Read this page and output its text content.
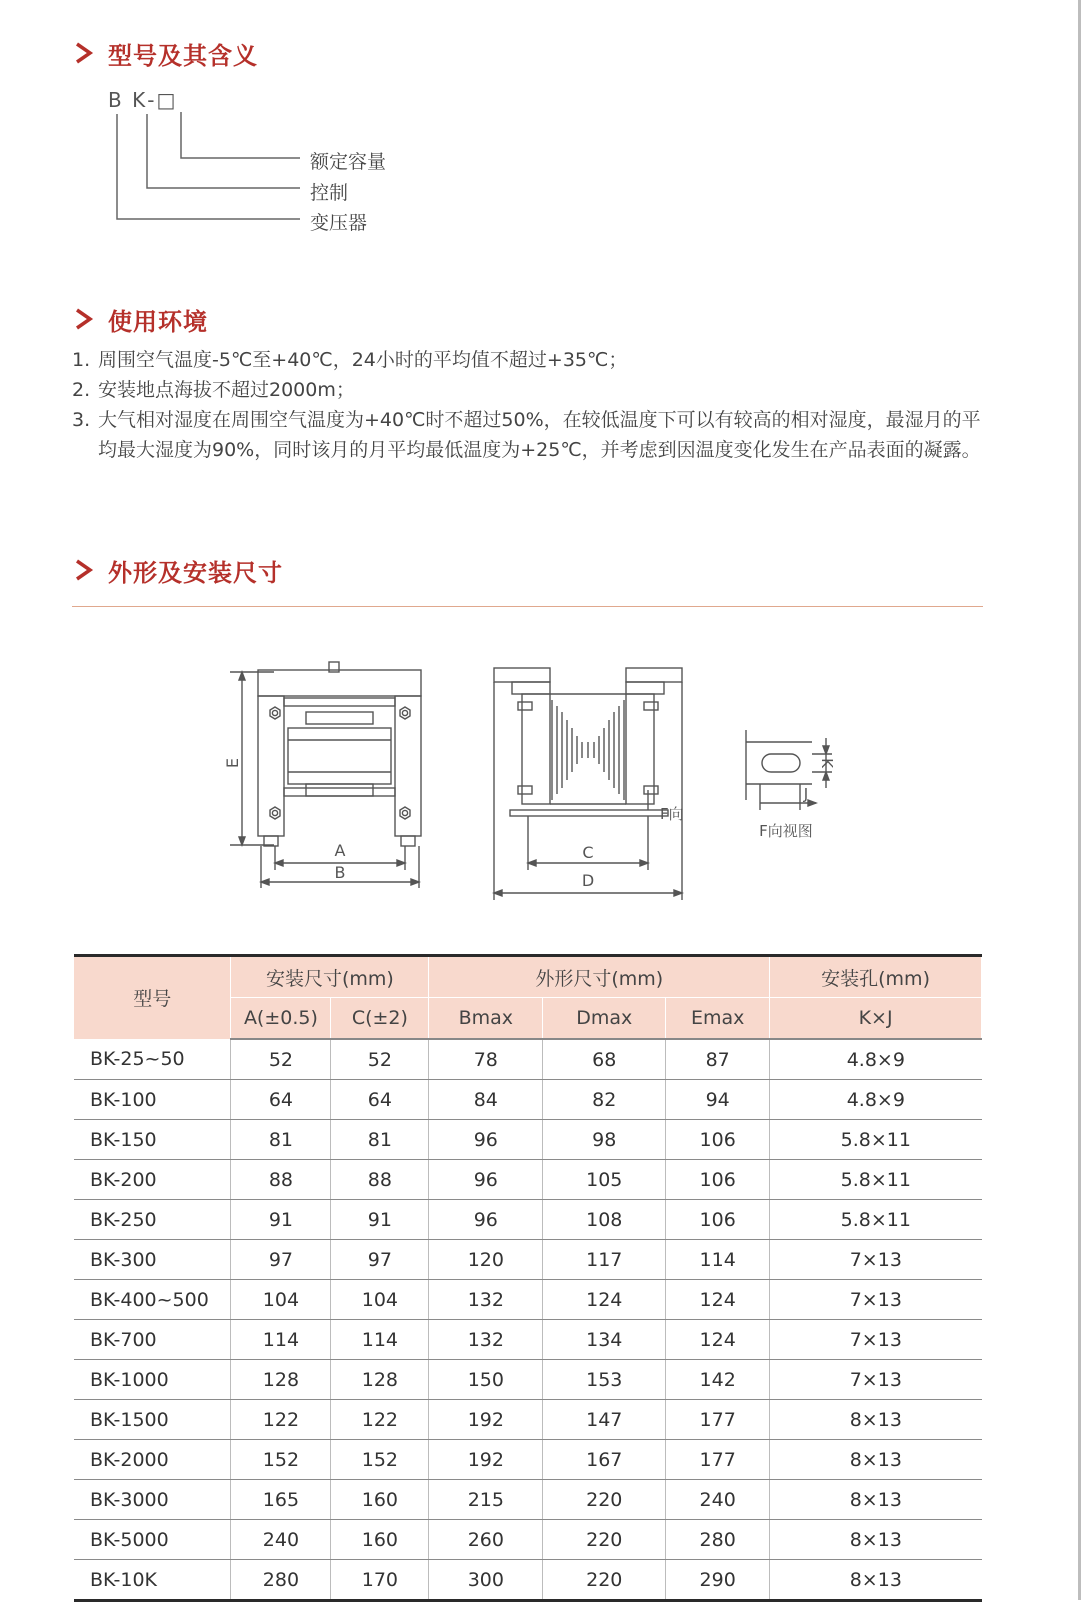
型号及其含义
B K-□
额定容量
控制
变压器
使用环境
1. 周围空气温度-5℃至+40℃，24小时的平均值不超过+35℃；
2. 安装地点海拔不超过2000m；
3. 大气相对湿度在周围空气温度为+40℃时不超过50%，在较低温度下可以有较高的相对湿度，最湿月的平均最大湿度为90%，同时该月的月平均最低温度为+25℃，并考虑到因温度变化发生在产品表面的凝露。
外形及安装尺寸
E
A
B
C
D
F向
K
J
F向视图
型号	安装尺寸(mm)		外形尺寸(mm)			安装孔(mm)
	A(±0.5)	C(±2)	Bmax	Dmax	Emax	K×J
BK-25~50	52	52	78	68	87	4.8×9
BK-100	64	64	84	82	94	4.8×9
BK-150	81	81	96	98	106	5.8×11
BK-200	88	88	96	105	106	5.8×11
BK-250	91	91	96	108	106	5.8×11
BK-300	97	97	120	117	114	7×13
BK-400~500	104	104	132	124	124	7×13
BK-700	114	114	132	134	124	7×13
BK-1000	128	128	150	153	142	7×13
BK-1500	122	122	192	147	177	8×13
BK-2000	152	152	192	167	177	8×13
BK-3000	165	160	215	220	240	8×13
BK-5000	240	160	260	220	280	8×13
BK-10K	280	170	300	220	290	8×13
